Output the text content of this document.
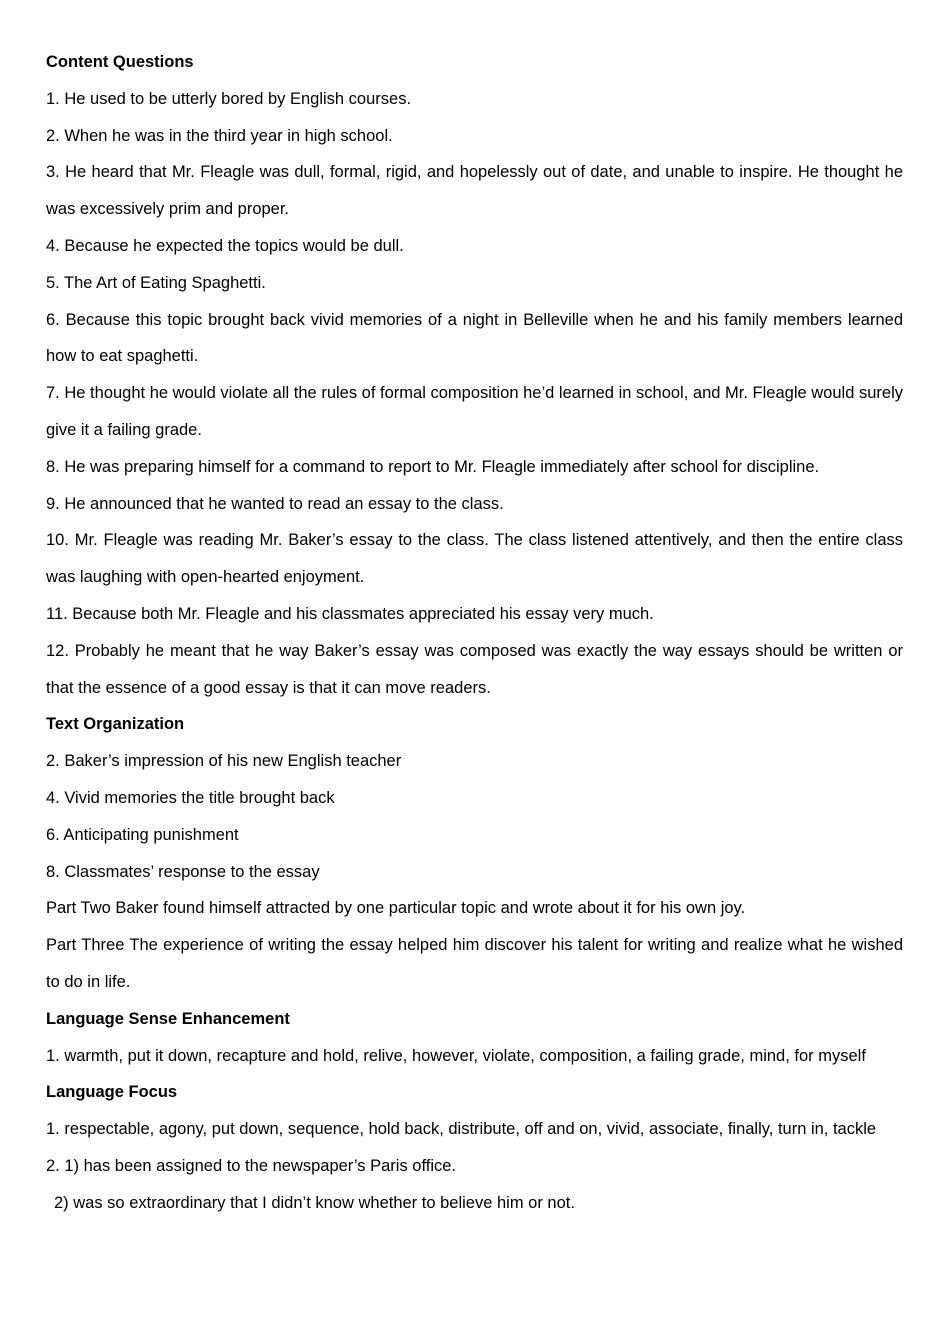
Content Questions

1. He used to be utterly bored by English courses.

2. When he was in the third year in high school.

3. He heard that Mr. Fleagle was dull, formal, rigid, and hopelessly out of date, and unable to inspire. He thought he was excessively prim and proper.

4. Because he expected the topics would be dull.

5. The Art of Eating Spaghetti.

6. Because this topic brought back vivid memories of a night in Belleville when he and his family members learned how to eat spaghetti.

7. He thought he would violate all the rules of formal composition he’d learned in school, and Mr. Fleagle would surely give it a failing grade.

8. He was preparing himself for a command to report to Mr. Fleagle immediately after school for discipline.

9. He announced that he wanted to read an essay to the class.

10. Mr. Fleagle was reading Mr. Baker’s essay to the class. The class listened attentively, and then the entire class was laughing with open-hearted enjoyment.

11. Because both Mr. Fleagle and his classmates appreciated his essay very much.

12. Probably he meant that he way Baker’s essay was composed was exactly the way essays should be written or that the essence of a good essay is that it can move readers.

Text Organization

2. Baker’s impression of his new English teacher

4. Vivid memories the title brought back

6. Anticipating punishment

8. Classmates’ response to the essay

Part Two Baker found himself attracted by one particular topic and wrote about it for his own joy.

Part Three The experience of writing the essay helped him discover his talent for writing and realize what he wished to do in life.

Language Sense Enhancement

1. warmth, put it down, recapture and hold, relive, however, violate, composition, a failing grade, mind, for myself

Language Focus

1. respectable, agony, put down, sequence, hold back, distribute, off and on, vivid, associate, finally, turn in, tackle

2. 1) has been assigned to the newspaper’s Paris office.

2) was so extraordinary that I didn’t know whether to believe him or not.
